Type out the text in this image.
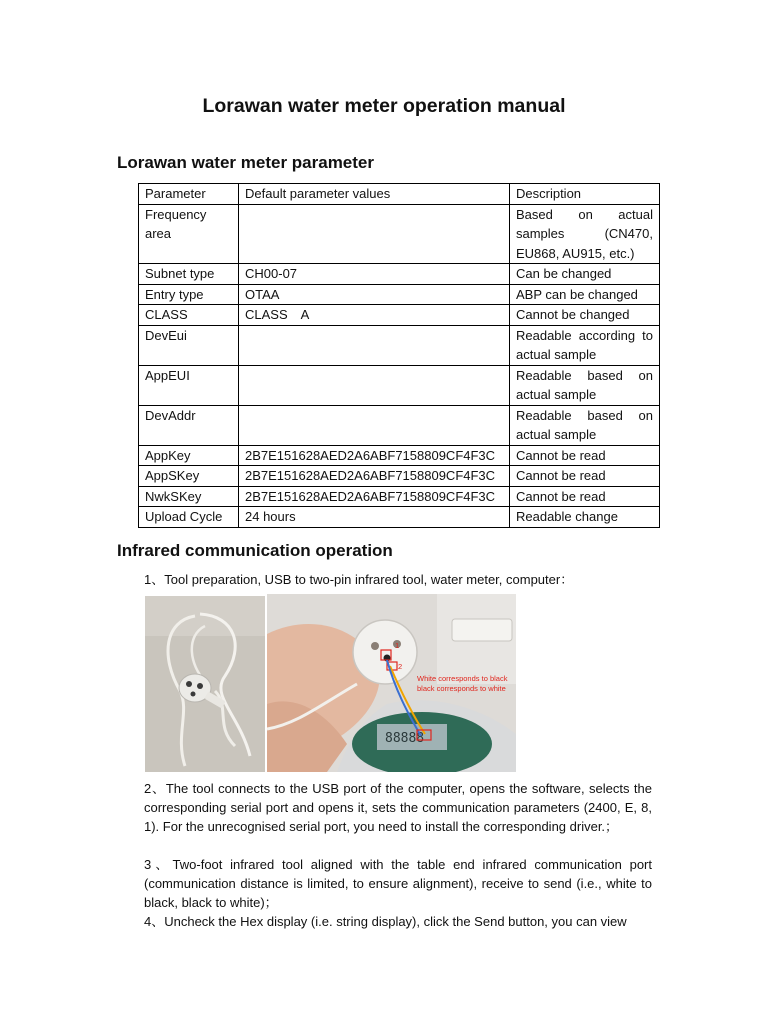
Lorawan water meter operation manual
Lorawan water meter parameter
Parameter	Default parameter values	Description
Frequency area		Based on actual samples (CN470, EU868, AU915, etc.)
Subnet type	CH00-07	Can be changed
Entry type	OTAA	ABP can be changed
CLASS	CLASS　A	Cannot be changed
DevEui		Readable according to actual sample
AppEUI		Readable based on actual sample
DevAddr		Readable based on actual sample
AppKey	2B7E151628AED2A6ABF7158809CF4F3C	Cannot be read
AppSKey	2B7E151628AED2A6ABF7158809CF4F3C	Cannot be read
NwkSKey	2B7E151628AED2A6ABF7158809CF4F3C	Cannot be read
Upload Cycle	24 hours	Readable change
Infrared communication operation

1、Tool preparation, USB to two-pin infrared tool, water meter, computer：

88888
1
2
White corresponds to black
black corresponds to white

2、The tool connects to the USB port of the computer, opens the software, selects the corresponding serial port and opens it, sets the communication parameters (2400, E, 8, 1). For the unrecognised serial port, you need to install the corresponding driver.；

3、Two-foot infrared tool aligned with the table end infrared communication port (communication distance is limited, to ensure alignment), receive to send (i.e., white to black, black to white)；

4、Uncheck the Hex display (i.e. string display), click the Send button, you can view
